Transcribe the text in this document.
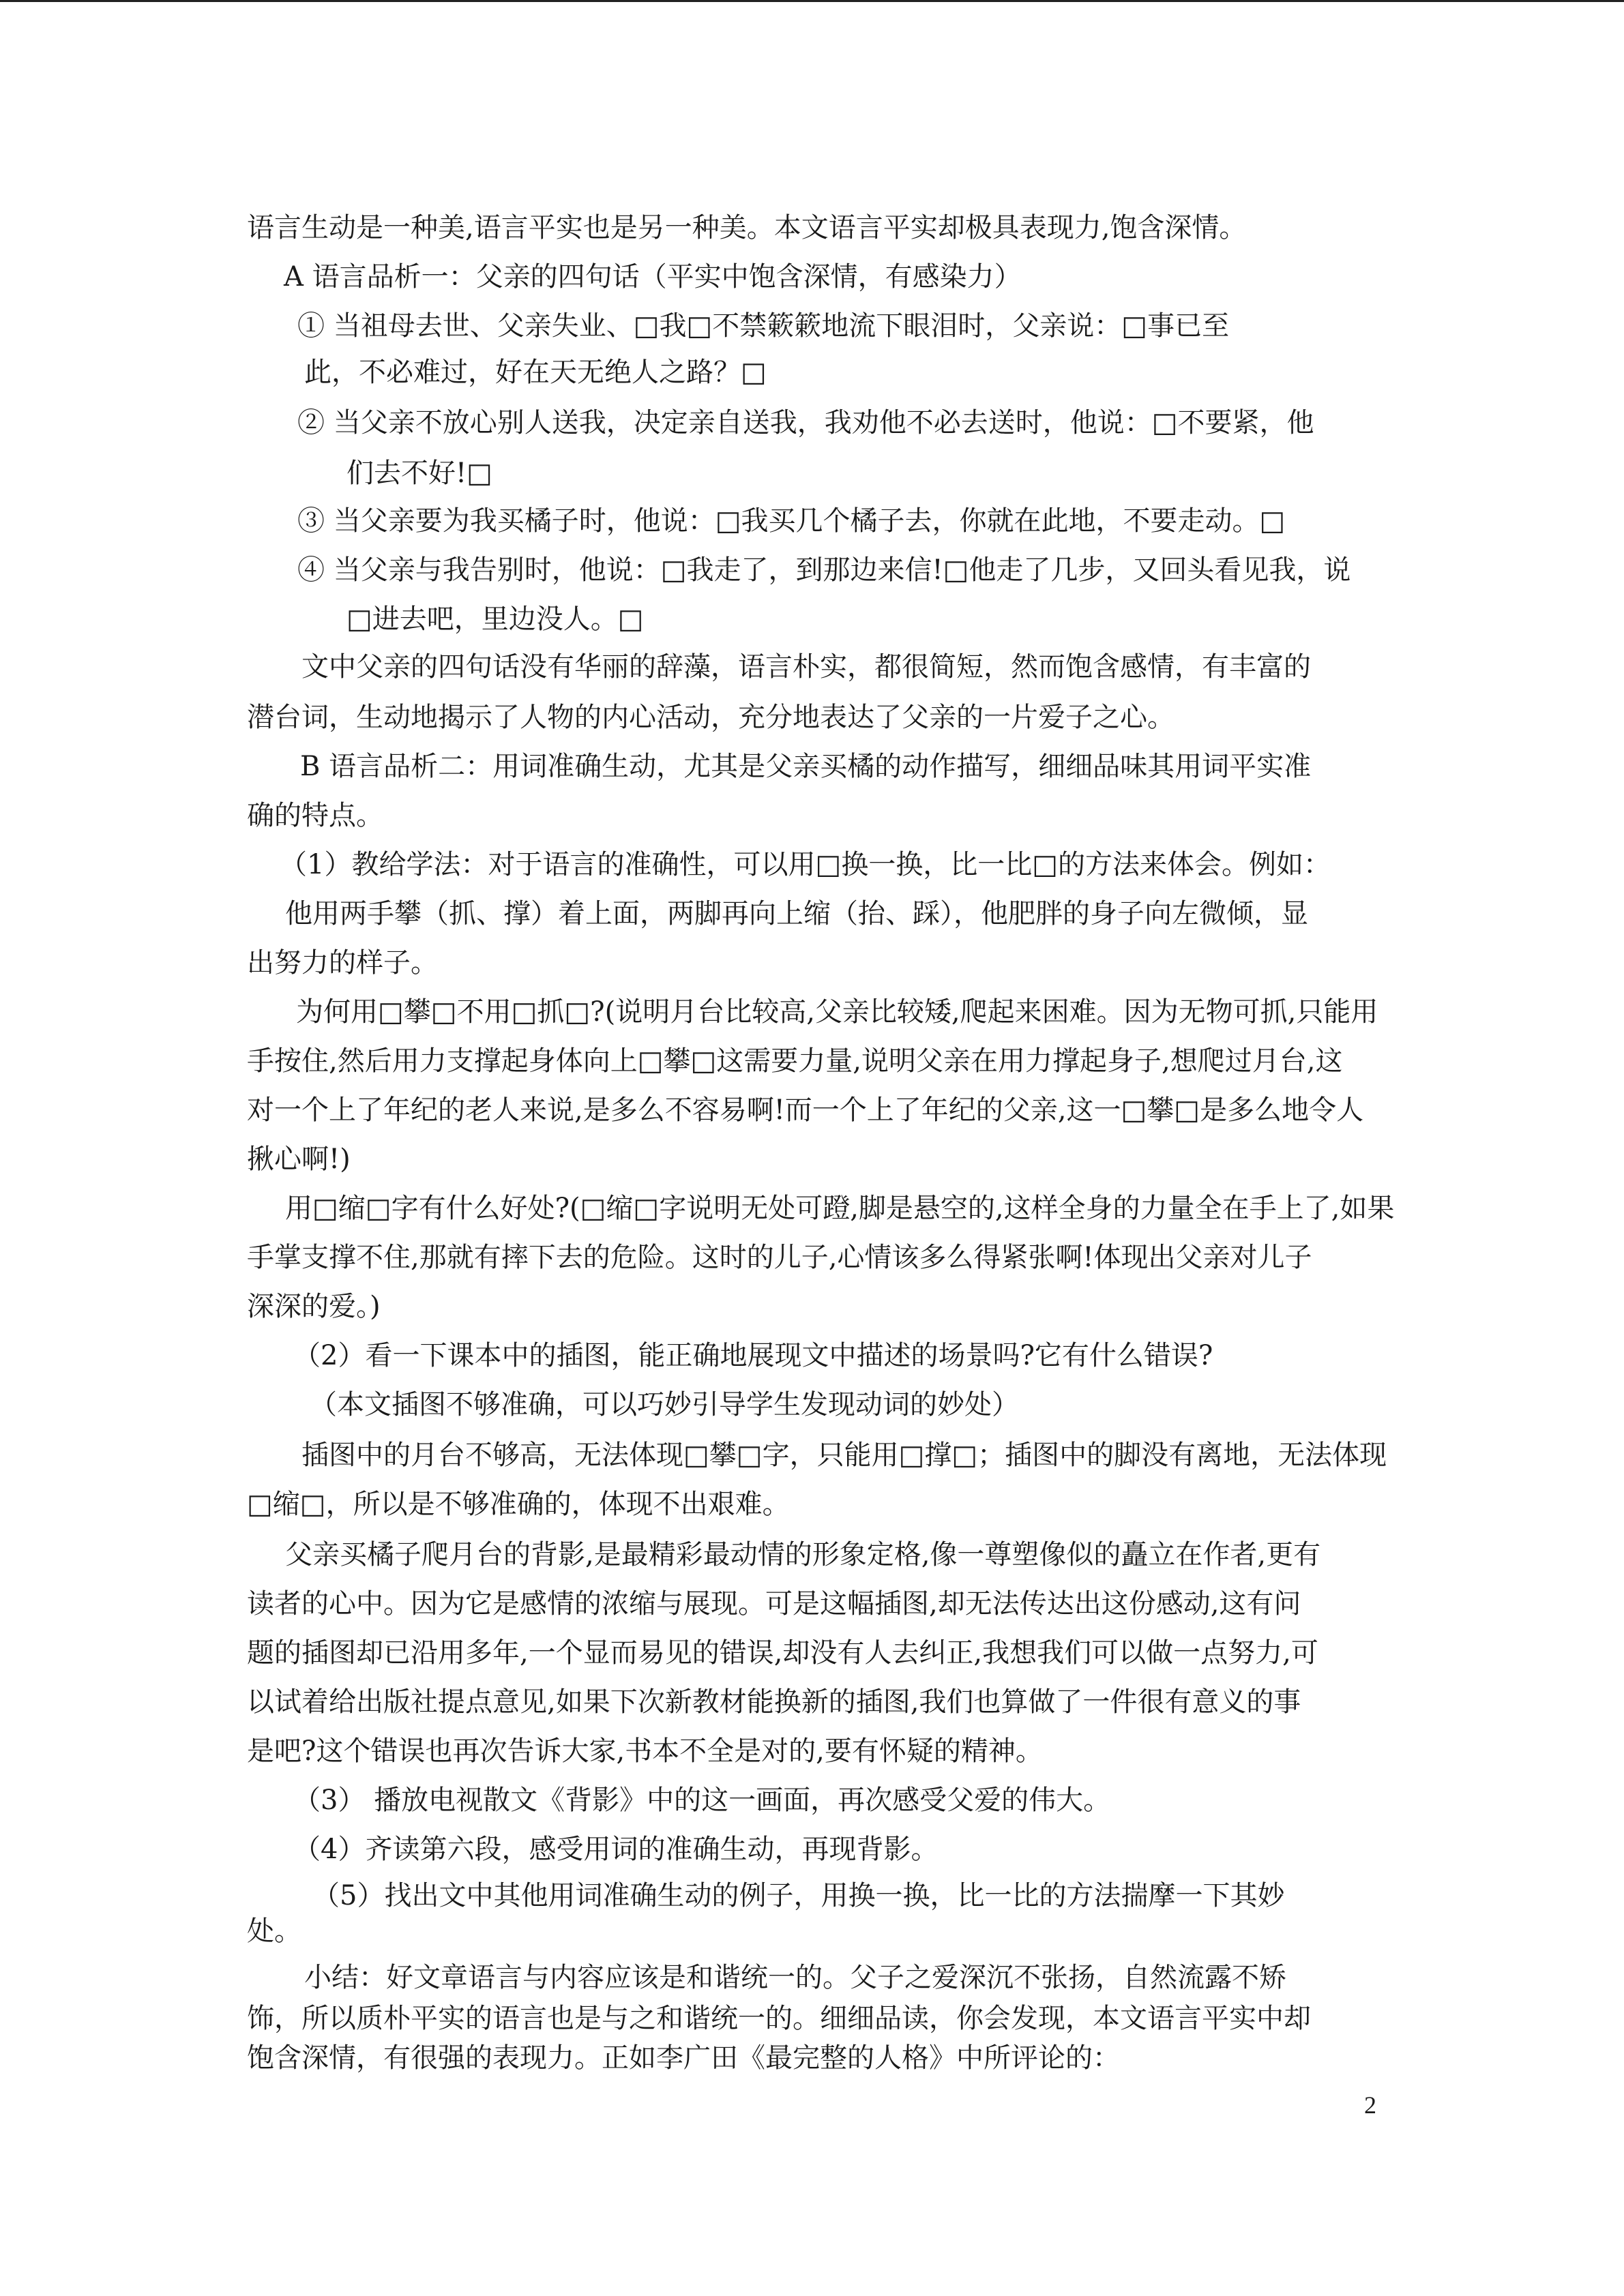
语言生动是一种美,语言平实也是另一种美。本文语言平实却极具表现力,饱含深情。
A 语言品析一：父亲的四句话（平实中饱含深情，有感染力）
① 当祖母去世、父亲失业、□我□不禁簌簌地流下眼泪时，父亲说：□事已至
此，不必难过，好在天无绝人之路？□
② 当父亲不放心别人送我，决定亲自送我，我劝他不必去送时，他说：□不要紧，他
们去不好!□
③ 当父亲要为我买橘子时，他说：□我买几个橘子去，你就在此地，不要走动。□
④ 当父亲与我告别时，他说：□我走了，到那边来信!□他走了几步，又回头看见我，说
□进去吧，里边没人。□
文中父亲的四句话没有华丽的辞藻，语言朴实，都很简短，然而饱含感情，有丰富的
潜台词，生动地揭示了人物的内心活动，充分地表达了父亲的一片爱子之心。
B 语言品析二：用词准确生动，尤其是父亲买橘的动作描写，细细品味其用词平实准
确的特点。
（1）教给学法：对于语言的准确性，可以用□换一换，比一比□的方法来体会。例如：
他用两手攀（抓、撑）着上面，两脚再向上缩（抬、踩），他肥胖的身子向左微倾，显
出努力的样子。
为何用□攀□不用□抓□?(说明月台比较高,父亲比较矮,爬起来困难。因为无物可抓,只能用
手按住,然后用力支撑起身体向上□攀□这需要力量,说明父亲在用力撑起身子,想爬过月台,这
对一个上了年纪的老人来说,是多么不容易啊!而一个上了年纪的父亲,这一□攀□是多么地令人
揪心啊!)
用□缩□字有什么好处?(□缩□字说明无处可蹬,脚是悬空的,这样全身的力量全在手上了,如果
手掌支撑不住,那就有摔下去的危险。这时的儿子,心情该多么得紧张啊!体现出父亲对儿子
深深的爱。)
（2）看一下课本中的插图，能正确地展现文中描述的场景吗?它有什么错误?
（本文插图不够准确，可以巧妙引导学生发现动词的妙处）
插图中的月台不够高，无法体现□攀□字，只能用□撑□；插图中的脚没有离地，无法体现
□缩□，所以是不够准确的，体现不出艰难。
父亲买橘子爬月台的背影,是最精彩最动情的形象定格,像一尊塑像似的矗立在作者,更有
读者的心中。因为它是感情的浓缩与展现。可是这幅插图,却无法传达出这份感动,这有问
题的插图却已沿用多年,一个显而易见的错误,却没有人去纠正,我想我们可以做一点努力,可
以试着给出版社提点意见,如果下次新教材能换新的插图,我们也算做了一件很有意义的事
是吧?这个错误也再次告诉大家,书本不全是对的,要有怀疑的精神。
（3） 播放电视散文《背影》中的这一画面，再次感受父爱的伟大。
（4）齐读第六段，感受用词的准确生动，再现背影。
（5）找出文中其他用词准确生动的例子，用换一换，比一比的方法揣摩一下其妙
处。
小结：好文章语言与内容应该是和谐统一的。父子之爱深沉不张扬，自然流露不矫
饰，所以质朴平实的语言也是与之和谐统一的。细细品读，你会发现，本文语言平实中却
饱含深情，有很强的表现力。正如李广田《最完整的人格》中所评论的：
2
